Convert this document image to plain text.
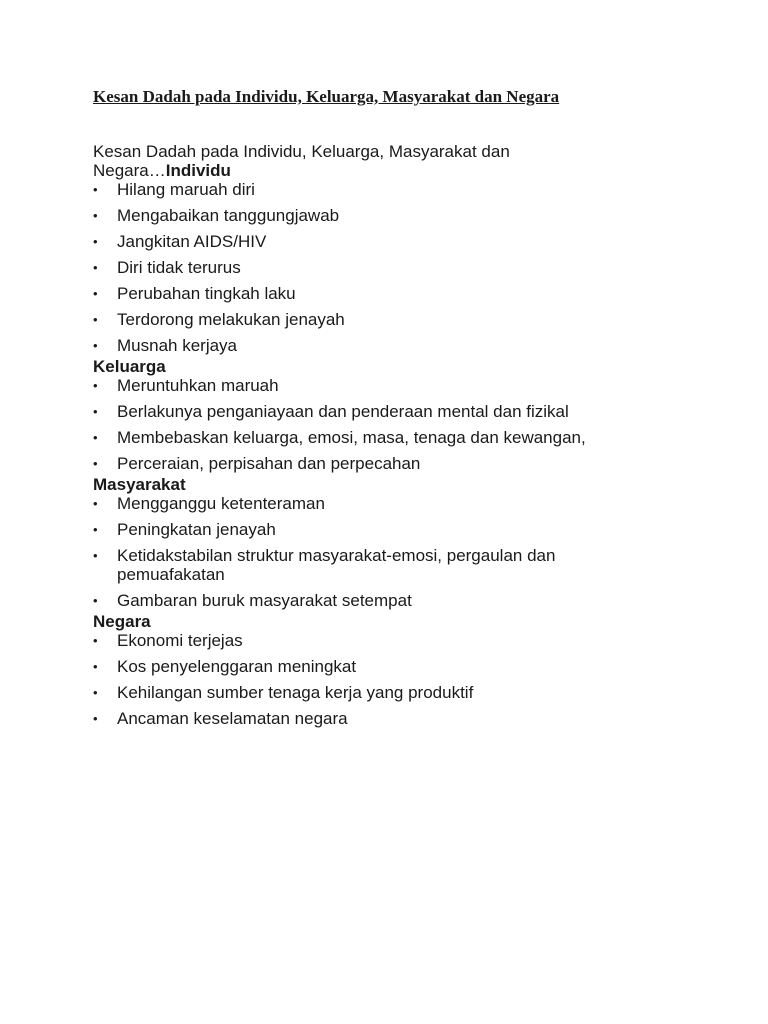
Kesan Dadah pada Individu, Keluarga, Masyarakat dan Negara

Kesan Dadah pada Individu, Keluarga, Masyarakat dan
Negara…Individu

• Hilang maruah diri
• Mengabaikan tanggungjawab
• Jangkitan AIDS/HIV
• Diri tidak terurus
• Perubahan tingkah laku
• Terdorong melakukan jenayah
• Musnah kerjaya

Keluarga

• Meruntuhkan maruah
• Berlakunya penganiayaan dan penderaan mental dan fizikal
• Membebaskan keluarga, emosi, masa, tenaga dan kewangan,
• Perceraian, perpisahan dan perpecahan

Masyarakat

• Mengganggu ketenteraman
• Peningkatan jenayah
• Ketidakstabilan struktur masyarakat-emosi, pergaulan dan pemuafakatan
• Gambaran buruk masyarakat setempat

Negara

• Ekonomi terjejas
• Kos penyelenggaran meningkat
• Kehilangan sumber tenaga kerja yang produktif
• Ancaman keselamatan negara
